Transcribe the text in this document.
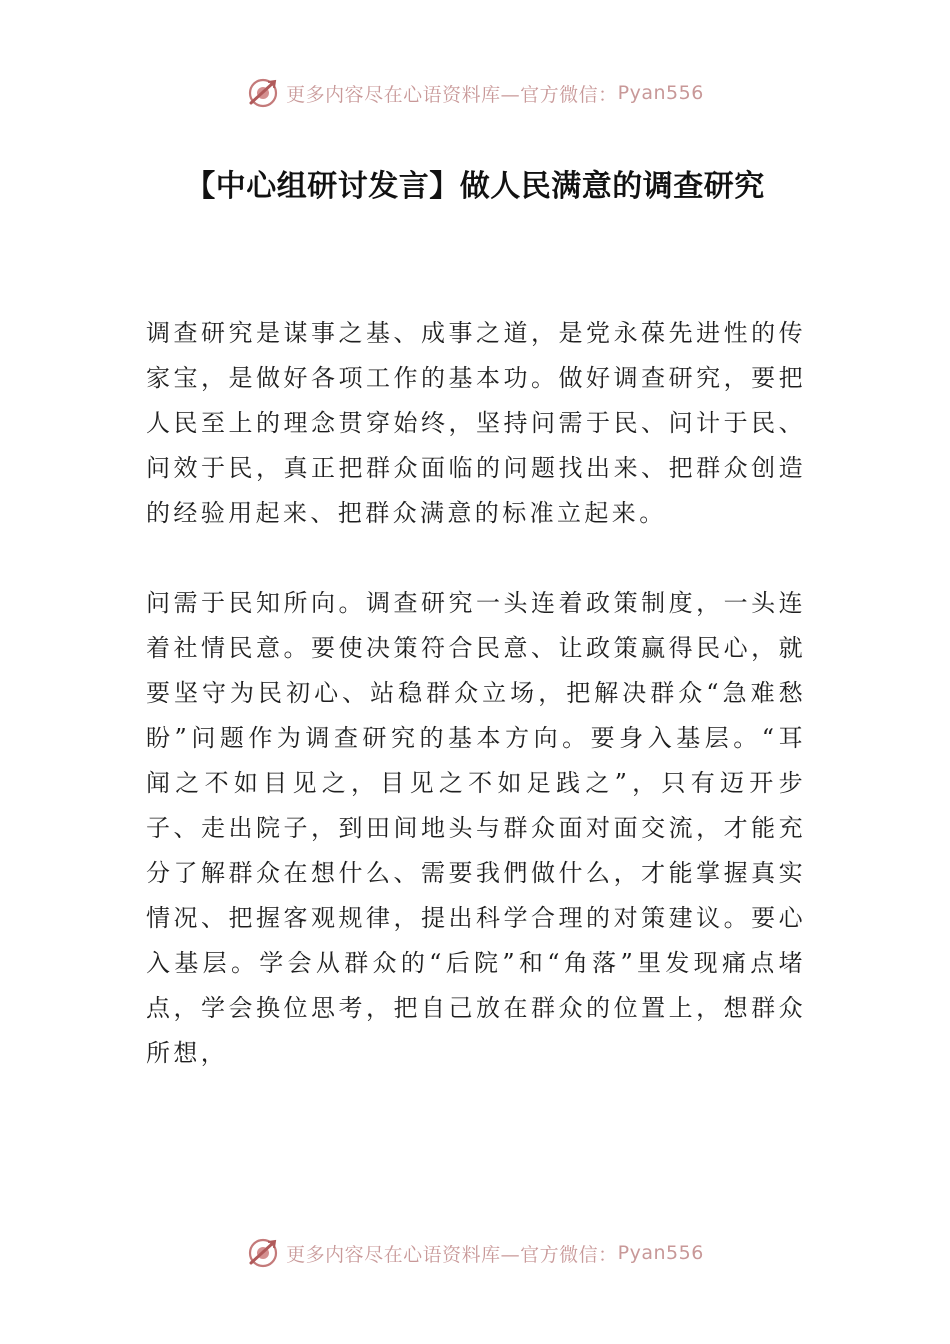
更多内容尽在心语资料库—官方微信： Pyan556
【中心组研讨发言】做人民满意的调查研究

调查研究是谋事之基、成事之道，是党永葆先进性的传家宝，是做好各项工作的基本功。做好调查研究，要把人民至上的理念贯穿始终，坚持问需于民、问计于民、问效于民，真正把群众面临的问题找出来、把群众创造的经验用起来、把群众满意的标准立起来。

问需于民知所向。调查研究一头连着政策制度，一头连着社情民意。要使决策符合民意、让政策赢得民心，就要坚守为民初心、站稳群众立场，把解决群众“急难愁盼”问题作为调查研究的基本方向。要身入基层。“耳闻之不如目见之，目见之不如足践之”，只有迈开步子、走出院子，到田间地头与群众面对面交流，才能充分了解群众在想什么、需要我們做什么，才能掌握真实情况、把握客观规律，提出科学合理的对策建议。要心入基层。学会从群众的“后院”和“角落”里发现痛点堵点，学会换位思考，把自己放在群众的位置上，想群众所想，

更多内容尽在心语资料库—官方微信： Pyan556
